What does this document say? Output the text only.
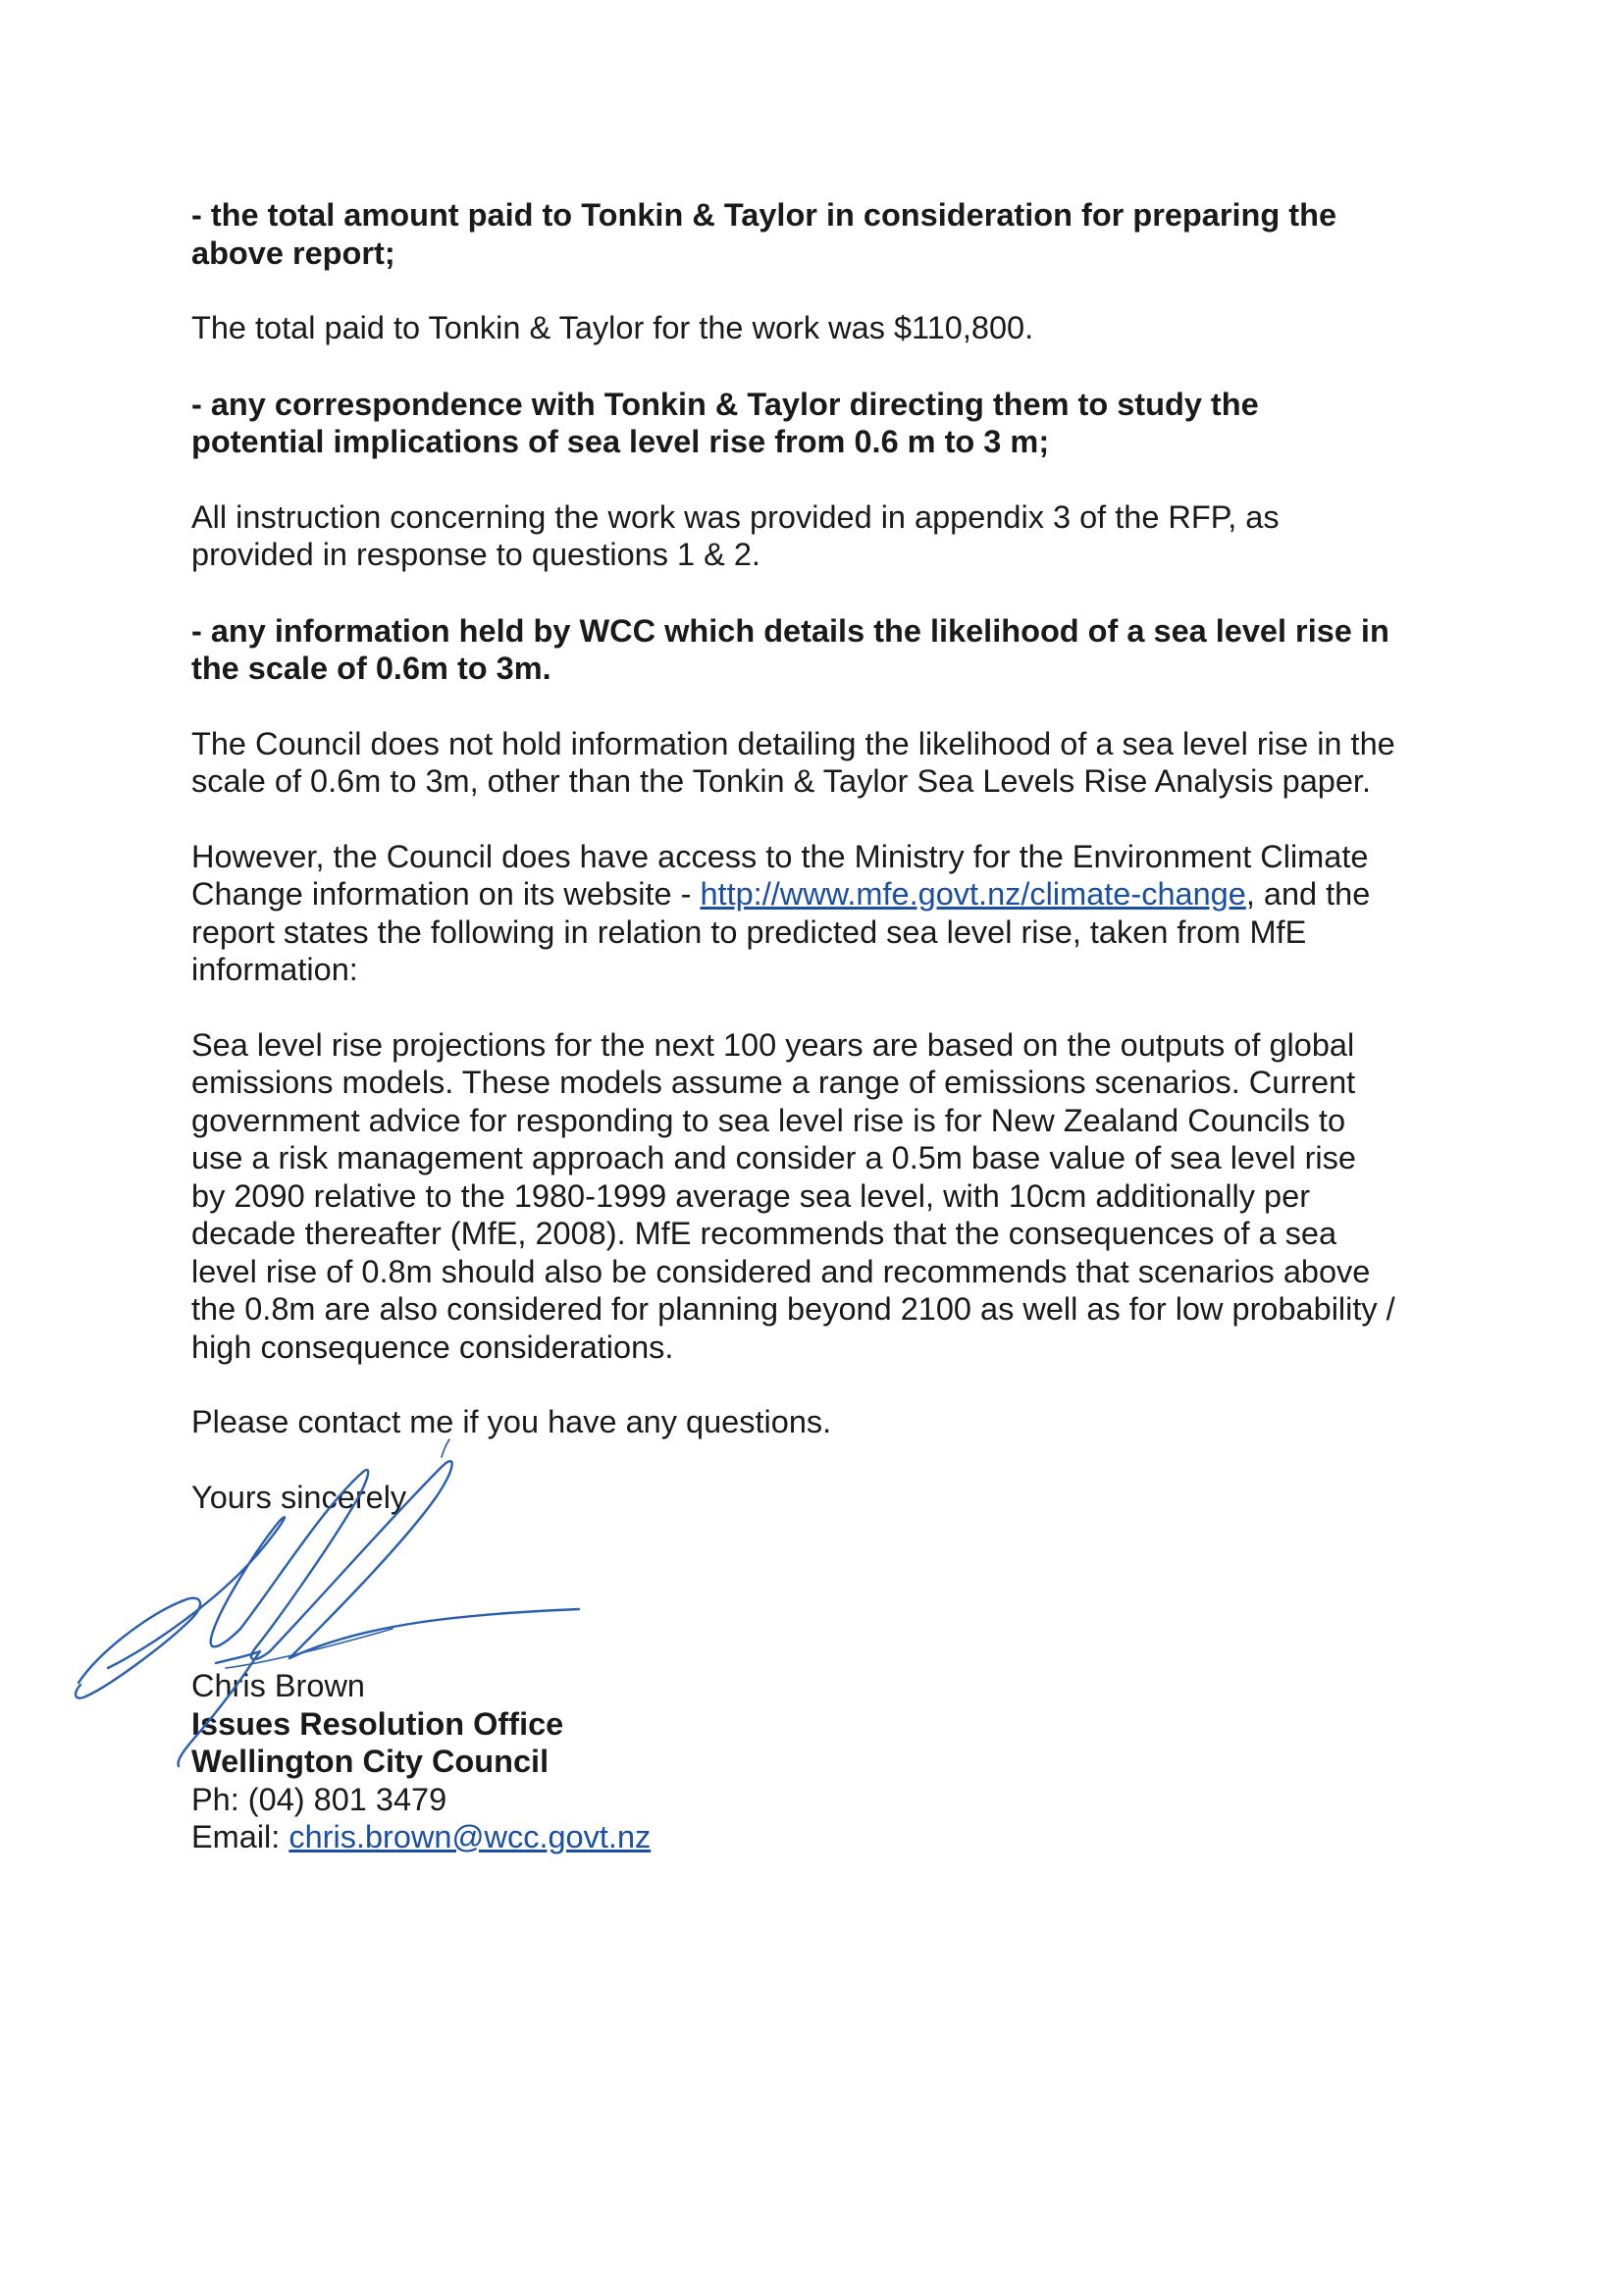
- the total amount paid to Tonkin & Taylor in consideration for preparing the
above report;

The total paid to Tonkin & Taylor for the work was $110,800.

- any correspondence with Tonkin & Taylor directing them to study the
potential implications of sea level rise from 0.6 m to 3 m;

All instruction concerning the work was provided in appendix 3 of the RFP, as
provided in response to questions 1 & 2.

- any information held by WCC which details the likelihood of a sea level rise in
the scale of 0.6m to 3m.

The Council does not hold information detailing the likelihood of a sea level rise in the
scale of 0.6m to 3m, other than the Tonkin & Taylor Sea Levels Rise Analysis paper.

However, the Council does have access to the Ministry for the Environment Climate
Change information on its website - http://www.mfe.govt.nz/climate-change, and the
report states the following in relation to predicted sea level rise, taken from MfE
information:

Sea level rise projections for the next 100 years are based on the outputs of global
emissions models. These models assume a range of emissions scenarios. Current
government advice for responding to sea level rise is for New Zealand Councils to
use a risk management approach and consider a 0.5m base value of sea level rise
by 2090 relative to the 1980-1999 average sea level, with 10cm additionally per
decade thereafter (MfE, 2008). MfE recommends that the consequences of a sea
level rise of 0.8m should also be considered and recommends that scenarios above
the 0.8m are also considered for planning beyond 2100 as well as for low probability /
high consequence considerations.

Please contact me if you have any questions.

Yours sincerely

Chris Brown

Issues Resolution Office

Wellington City Council

Ph: (04) 801 3479

Email: chris.brown@wcc.govt.nz
